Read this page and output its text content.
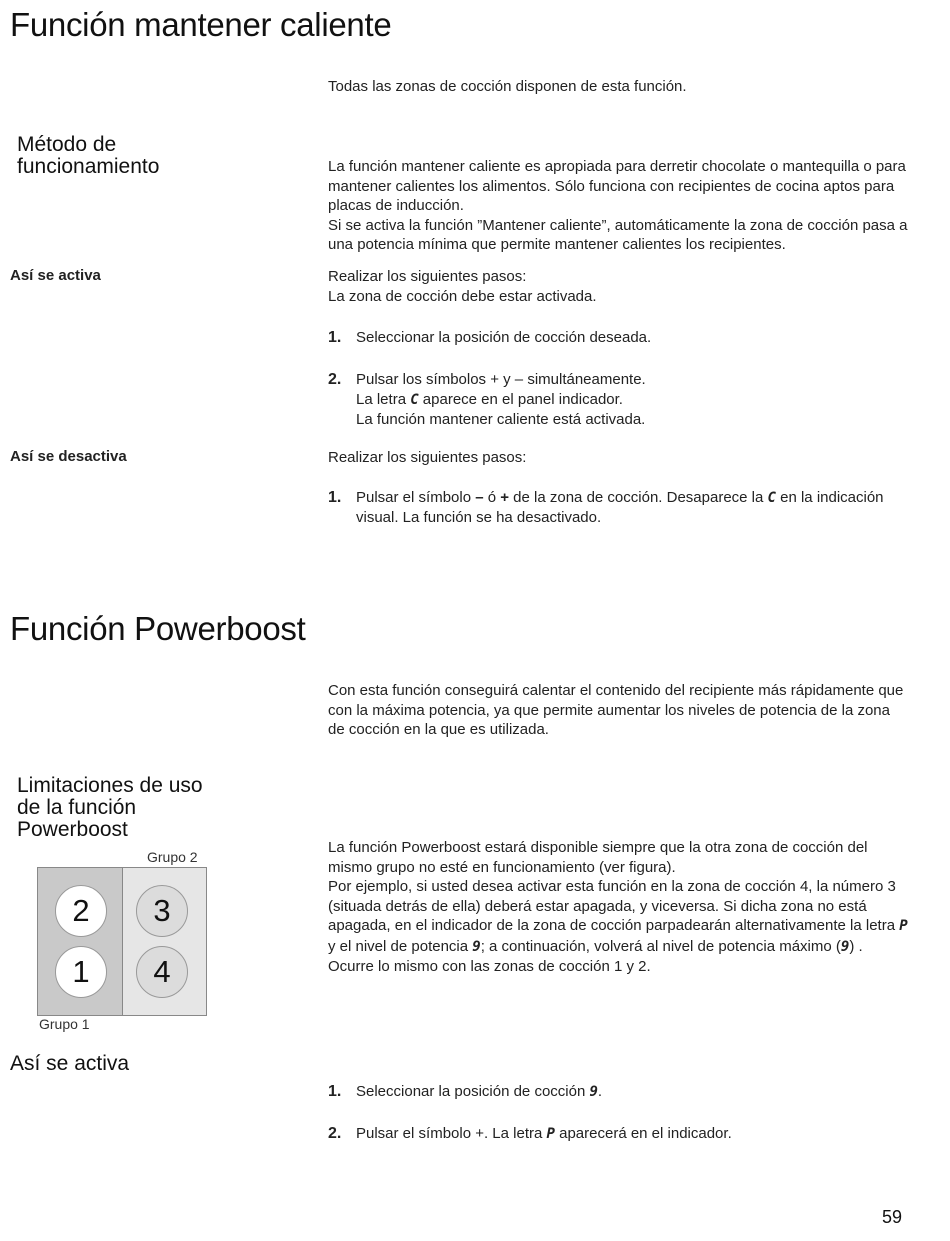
Función mantener caliente
Todas las zonas de cocción disponen de esta función.
Método de
funcionamiento	La función mantener caliente es apropiada para derretir chocolate o mantequilla o para mantener calientes los alimentos. Sólo funciona con recipientes de cocina aptos para placas de inducción.

Si se activa la función ”Mantener caliente”, automáticamente la zona de cocción pasa a una potencia mínima que permite mantener calientes los recipientes.

Así se activa	Realizar los siguientes pasos:

La zona de cocción debe estar activada.

1. Seleccionar la posición de cocción deseada.
2. Pulsar los símbolos + y – simultáneamente.

La letra C aparece en el panel indicador.

La función mantener caliente está activada.

Así se desactiva	Realizar los siguientes pasos:
1. Pulsar el símbolo – ó + de la zona de cocción. Desaparece la C en la indicación visual. La función se ha desactivado.
Función Powerboost
Con esta función conseguirá calentar el contenido del recipiente más rápidamente que con la máxima potencia, ya que permite aumentar los niveles de potencia de la zona de cocción en la que es utilizada.
Limitaciones de uso
de la función
Powerboost

La función Powerboost estará disponible siempre que la otra zona de cocción del mismo grupo no esté en funcionamiento (ver figura).

Por ejemplo, si usted desea activar esta función en la zona de cocción 4, la número 3 (situada detrás de ella) deberá estar apagada, y viceversa. Si dicha zona no está apagada, en el indicador de la zona de cocción parpadearán alternativamente la letra P y el nivel de potencia 9; a continuación, volverá al nivel de potencia máximo (9) . Ocurre lo mismo con las zonas de cocción 1 y 2.

Grupo 2
2	3
1	4
Grupo 1
Así se activa
1. Seleccionar la posición de cocción 9.
2. Pulsar el símbolo +. La letra P aparecerá en el indicador.
59
